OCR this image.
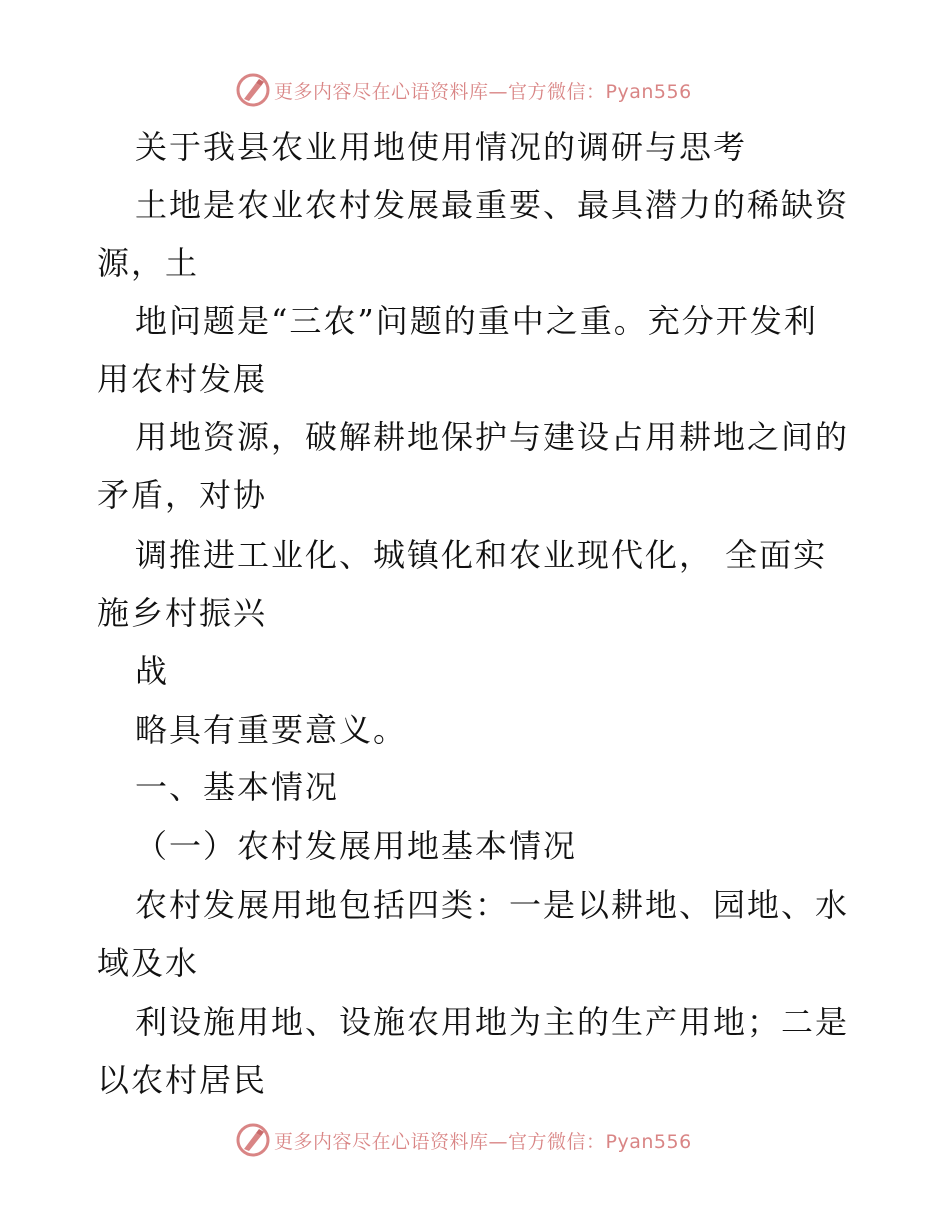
更多内容尽在心语资料库—官方微信：Pyan556
关于我县农业用地使用情况的调研与思考
土地是农业农村发展最重要、最具潜力的稀缺资
源，土
地问题是“三农”问题的重中之重。充分开发利
用农村发展
用地资源，破解耕地保护与建设占用耕地之间的
矛盾，对协
调推进工业化、城镇化和农业现代化， 全面实
施乡村振兴
战
略具有重要意义。
一、基本情况
（一）农村发展用地基本情况
农村发展用地包括四类：一是以耕地、园地、水
域及水
利设施用地、设施农用地为主的生产用地；二是
以农村居民
更多内容尽在心语资料库—官方微信：Pyan556
